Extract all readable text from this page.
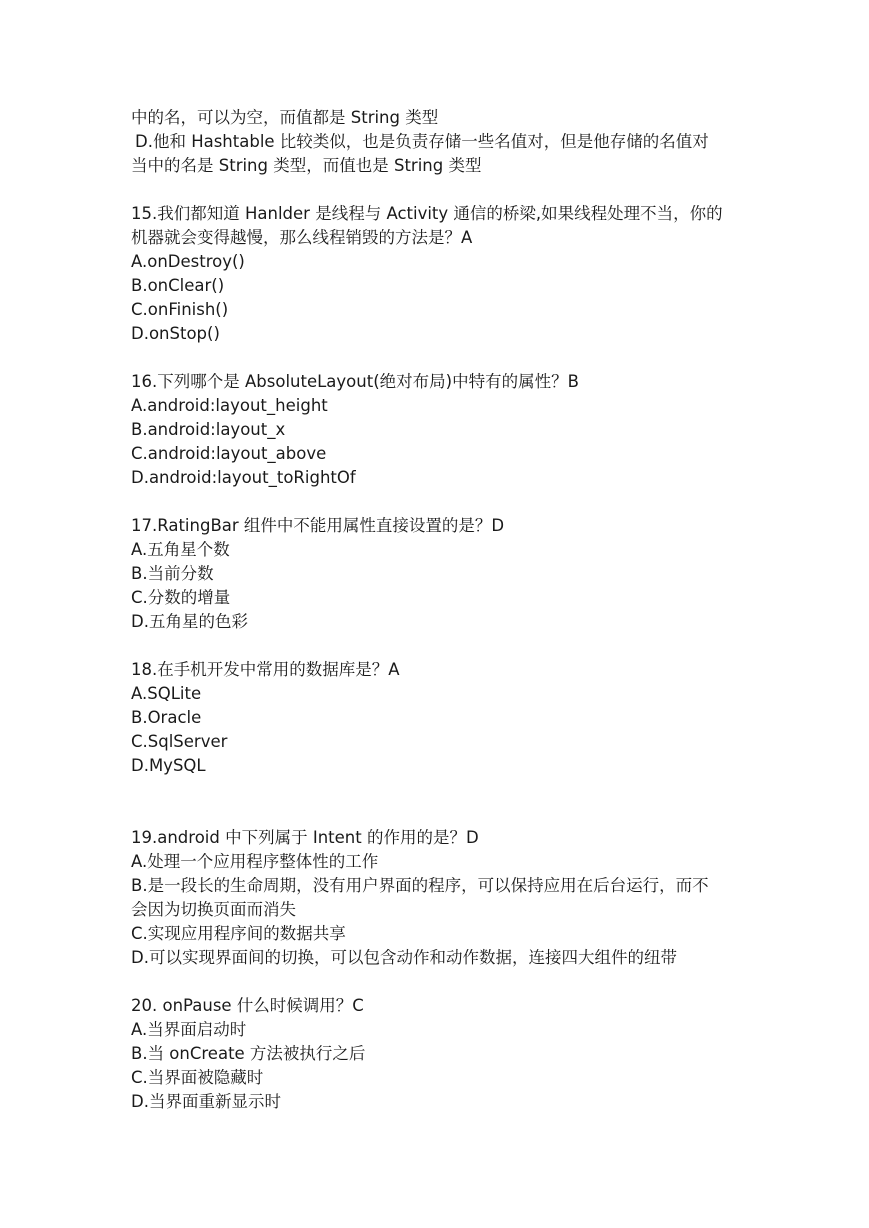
中的名，可以为空，而值都是 String 类型
D.他和 Hashtable 比较类似，也是负责存储一些名值对，但是他存储的名值对
当中的名是 String 类型，而值也是 String 类型
15.我们都知道 Hanlder 是线程与 Activity 通信的桥梁,如果线程处理不当，你的
机器就会变得越慢，那么线程销毁的方法是？A
A.onDestroy()
B.onClear()
C.onFinish()
D.onStop()
16.下列哪个是 AbsoluteLayout(绝对布局)中特有的属性？B
A.android:layout_height
B.android:layout_x
C.android:layout_above
D.android:layout_toRightOf
17.RatingBar 组件中不能用属性直接设置的是？D
A.五角星个数
B.当前分数
C.分数的增量
D.五角星的色彩
18.在手机开发中常用的数据库是？A
A.SQLite
B.Oracle
C.SqlServer
D.MySQL
19.android 中下列属于 Intent 的作用的是？D
A.处理一个应用程序整体性的工作
B.是一段长的生命周期，没有用户界面的程序，可以保持应用在后台运行，而不
会因为切换页面而消失
C.实现应用程序间的数据共享
D.可以实现界面间的切换，可以包含动作和动作数据，连接四大组件的纽带
20. onPause 什么时候调用？C
A.当界面启动时
B.当 onCreate 方法被执行之后
C.当界面被隐藏时
D.当界面重新显示时
